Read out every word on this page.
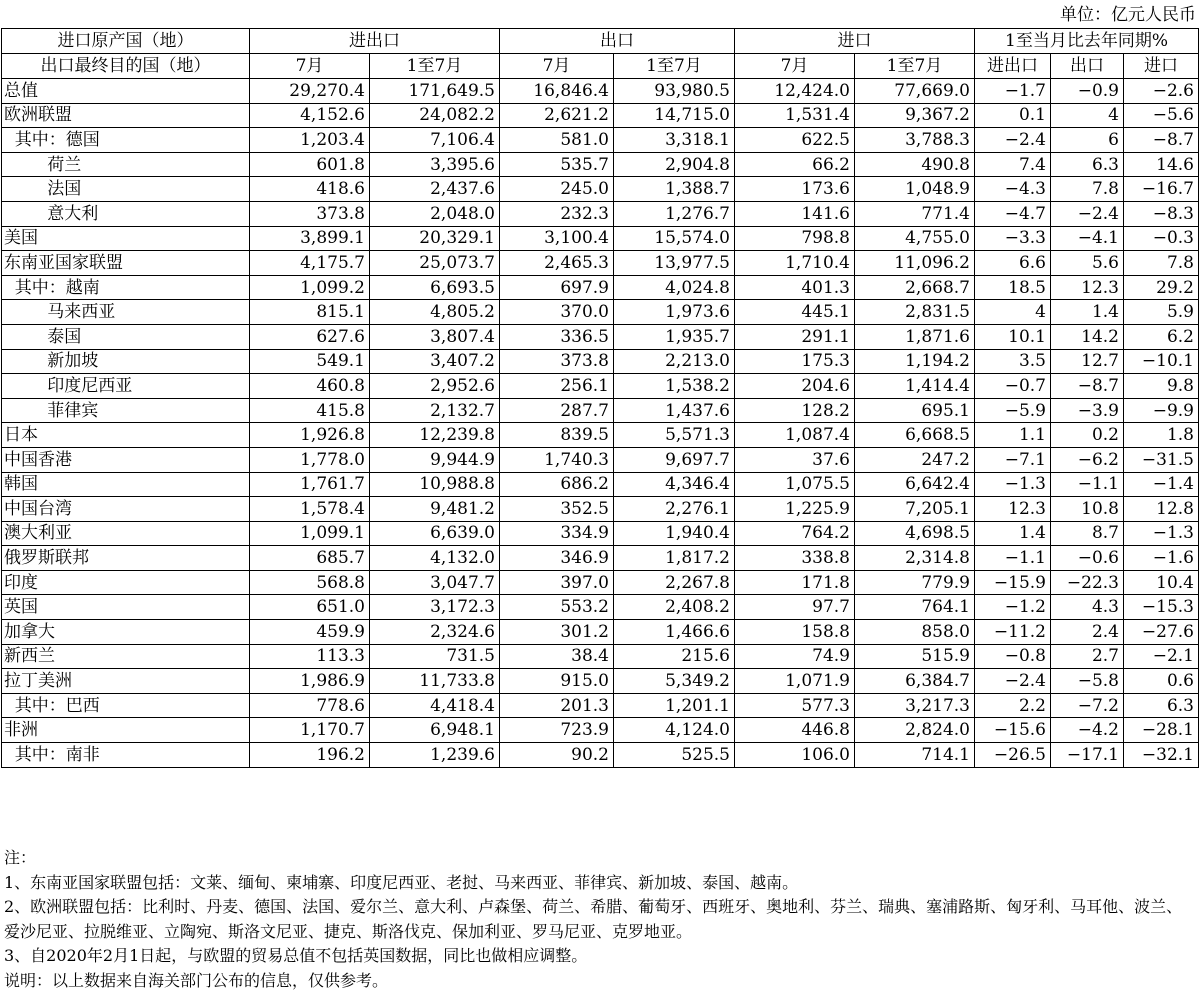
单位：亿元人民币
进口原产国（地）	进出口		出口		进口		1至当月比去年同期%		
出口最终目的国（地）	7月	1至7月	7月	1至7月	7月	1至7月	进出口	出口	进口
总值	29,270.4	171,649.5	16,846.4	93,980.5	12,424.0	77,669.0	−1.7	−0.9	−2.6
欧洲联盟	4,152.6	24,082.2	2,621.2	14,715.0	1,531.4	9,367.2	0.1	4	−5.6
其中：德国	1,203.4	7,106.4	581.0	3,318.1	622.5	3,788.3	−2.4	6	−8.7
荷兰	601.8	3,395.6	535.7	2,904.8	66.2	490.8	7.4	6.3	14.6
法国	418.6	2,437.6	245.0	1,388.7	173.6	1,048.9	−4.3	7.8	−16.7
意大利	373.8	2,048.0	232.3	1,276.7	141.6	771.4	−4.7	−2.4	−8.3
美国	3,899.1	20,329.1	3,100.4	15,574.0	798.8	4,755.0	−3.3	−4.1	−0.3
东南亚国家联盟	4,175.7	25,073.7	2,465.3	13,977.5	1,710.4	11,096.2	6.6	5.6	7.8
其中：越南	1,099.2	6,693.5	697.9	4,024.8	401.3	2,668.7	18.5	12.3	29.2
马来西亚	815.1	4,805.2	370.0	1,973.6	445.1	2,831.5	4	1.4	5.9
泰国	627.6	3,807.4	336.5	1,935.7	291.1	1,871.6	10.1	14.2	6.2
新加坡	549.1	3,407.2	373.8	2,213.0	175.3	1,194.2	3.5	12.7	−10.1
印度尼西亚	460.8	2,952.6	256.1	1,538.2	204.6	1,414.4	−0.7	−8.7	9.8
菲律宾	415.8	2,132.7	287.7	1,437.6	128.2	695.1	−5.9	−3.9	−9.9
日本	1,926.8	12,239.8	839.5	5,571.3	1,087.4	6,668.5	1.1	0.2	1.8
中国香港	1,778.0	9,944.9	1,740.3	9,697.7	37.6	247.2	−7.1	−6.2	−31.5
韩国	1,761.7	10,988.8	686.2	4,346.4	1,075.5	6,642.4	−1.3	−1.1	−1.4
中国台湾	1,578.4	9,481.2	352.5	2,276.1	1,225.9	7,205.1	12.3	10.8	12.8
澳大利亚	1,099.1	6,639.0	334.9	1,940.4	764.2	4,698.5	1.4	8.7	−1.3
俄罗斯联邦	685.7	4,132.0	346.9	1,817.2	338.8	2,314.8	−1.1	−0.6	−1.6
印度	568.8	3,047.7	397.0	2,267.8	171.8	779.9	−15.9	−22.3	10.4
英国	651.0	3,172.3	553.2	2,408.2	97.7	764.1	−1.2	4.3	−15.3
加拿大	459.9	2,324.6	301.2	1,466.6	158.8	858.0	−11.2	2.4	−27.6
新西兰	113.3	731.5	38.4	215.6	74.9	515.9	−0.8	2.7	−2.1
拉丁美洲	1,986.9	11,733.8	915.0	5,349.2	1,071.9	6,384.7	−2.4	−5.8	0.6
其中：巴西	778.6	4,418.4	201.3	1,201.1	577.3	3,217.3	2.2	−7.2	6.3
非洲	1,170.7	6,948.1	723.9	4,124.0	446.8	2,824.0	−15.6	−4.2	−28.1
其中：南非	196.2	1,239.6	90.2	525.5	106.0	714.1	−26.5	−17.1	−32.1
注：
1、东南亚国家联盟包括：文莱、缅甸、柬埔寨、印度尼西亚、老挝、马来西亚、菲律宾、新加坡、泰国、越南。
2、欧洲联盟包括：比利时、丹麦、德国、法国、爱尔兰、意大利、卢森堡、荷兰、希腊、葡萄牙、西班牙、奥地利、芬兰、瑞典、塞浦路斯、匈牙利、马耳他、波兰、爱沙尼亚、拉脱维亚、立陶宛、斯洛文尼亚、捷克、斯洛伐克、保加利亚、罗马尼亚、克罗地亚。
3、自2020年2月1日起，与欧盟的贸易总值不包括英国数据，同比也做相应调整。
说明：以上数据来自海关部门公布的信息，仅供参考。
